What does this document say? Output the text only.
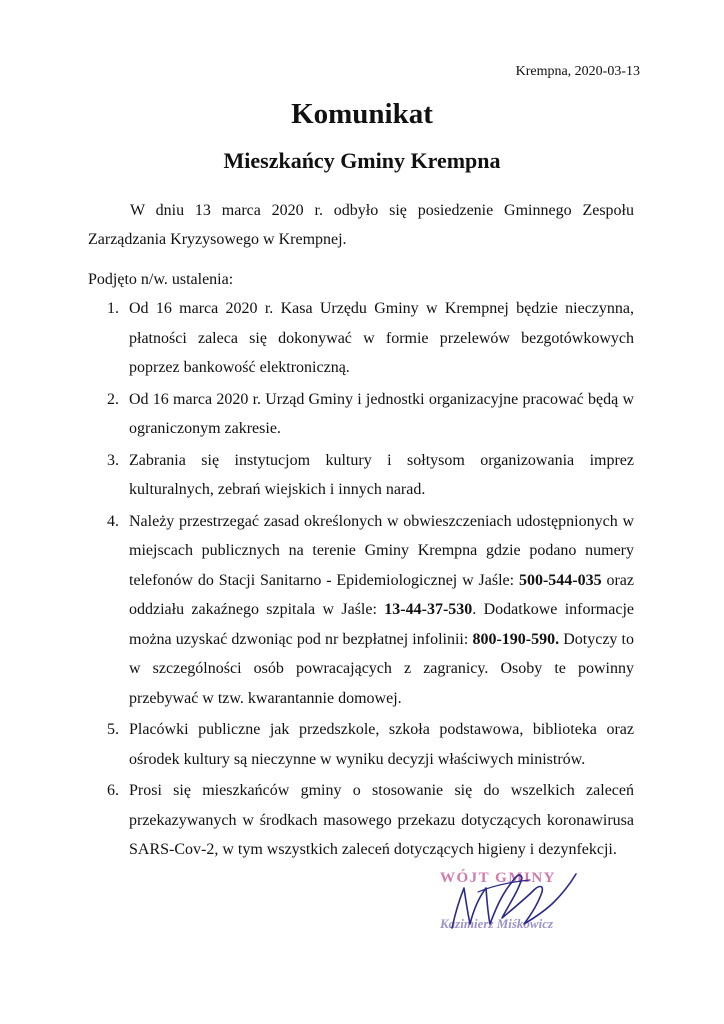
Krempna, 2020-03-13
Komunikat
Mieszkańcy Gminy Krempna

W dniu 13 marca 2020 r. odbyło się posiedzenie Gminnego Zespołu Zarządzania Kryzysowego w Krempnej.

Podjęto n/w. ustalenia:

1. Od 16 marca 2020 r. Kasa Urzędu Gminy w Krempnej będzie nieczynna, płatności zaleca się dokonywać w formie przelewów bezgotówkowych poprzez bankowość elektroniczną.
2. Od 16 marca 2020 r. Urząd Gminy i jednostki organizacyjne pracować będą w ograniczonym zakresie.
3. Zabrania się instytucjom kultury i sołtysom organizowania imprez kulturalnych, zebrań wiejskich i innych narad.
4. Należy przestrzegać zasad określonych w obwieszczeniach udostępnionych w miejscach publicznych na terenie Gminy Krempna gdzie podano numery telefonów do Stacji Sanitarno - Epidemiologicznej w Jaśle: 500-544-035 oraz oddziału zakaźnego szpitala w Jaśle: 13-44-37-530. Dodatkowe informacje można uzyskać dzwoniąc pod nr bezpłatnej infolinii: 800-190-590. Dotyczy to w szczególności osób powracających z zagranicy. Osoby te powinny przebywać w tzw. kwarantannie domowej.
5. Placówki publiczne jak przedszkole, szkoła podstawowa, biblioteka oraz ośrodek kultury są nieczynne w wyniku decyzji właściwych ministrów.
6. Prosi się mieszkańców gminy o stosowanie się do wszelkich zaleceń przekazywanych w środkach masowego przekazu dotyczących koronawirusa SARS-Cov-2, w tym wszystkich zaleceń dotyczących higieny i dezynfekcji.
WÓJT GMINY
Kazimierz Miśkowicz
